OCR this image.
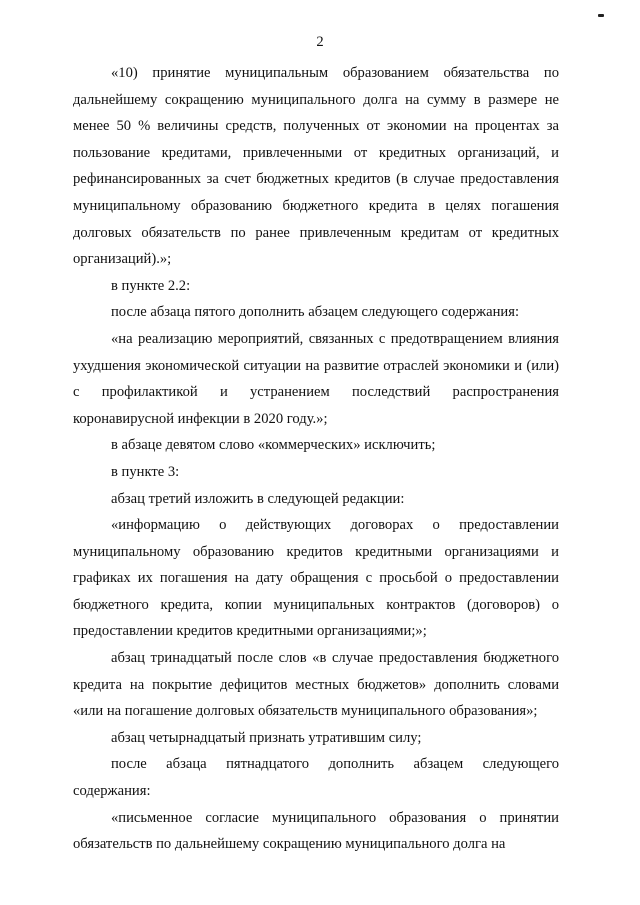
2

«10) принятие муниципальным образованием обязательства по дальнейшему сокращению муниципального долга на сумму в размере не менее 50 % величины средств, полученных от экономии на процентах за пользование кредитами, привлеченными от кредитных организаций, и рефинансированных за счет бюджетных кредитов (в случае предоставления муниципальному образованию бюджетного кредита в целях погашения долговых обязательств по ранее привлеченным кредитам от кредитных организаций).»;

в пункте 2.2:

после абзаца пятого дополнить абзацем следующего содержания:

«на реализацию мероприятий, связанных с предотвращением влияния ухудшения экономической ситуации на развитие отраслей экономики и (или) с профилактикой и устранением последствий распространения коронавирусной инфекции в 2020 году.»;

в абзаце девятом слово «коммерческих» исключить;

в пункте 3:

абзац третий изложить в следующей редакции:

«информацию о действующих договорах о предоставлении муниципальному образованию кредитов кредитными организациями и графиках их погашения на дату обращения с просьбой о предоставлении бюджетного кредита, копии муниципальных контрактов (договоров) о предоставлении кредитов кредитными организациями;»;

абзац тринадцатый после слов «в случае предоставления бюджетного кредита на покрытие дефицитов местных бюджетов» дополнить словами «или на погашение долговых обязательств муниципального образования»;

абзац четырнадцатый признать утратившим силу;

после абзаца пятнадцатого дополнить абзацем следующего содержания:

«письменное согласие муниципального образования о принятии обязательств по дальнейшему сокращению муниципального долга на
